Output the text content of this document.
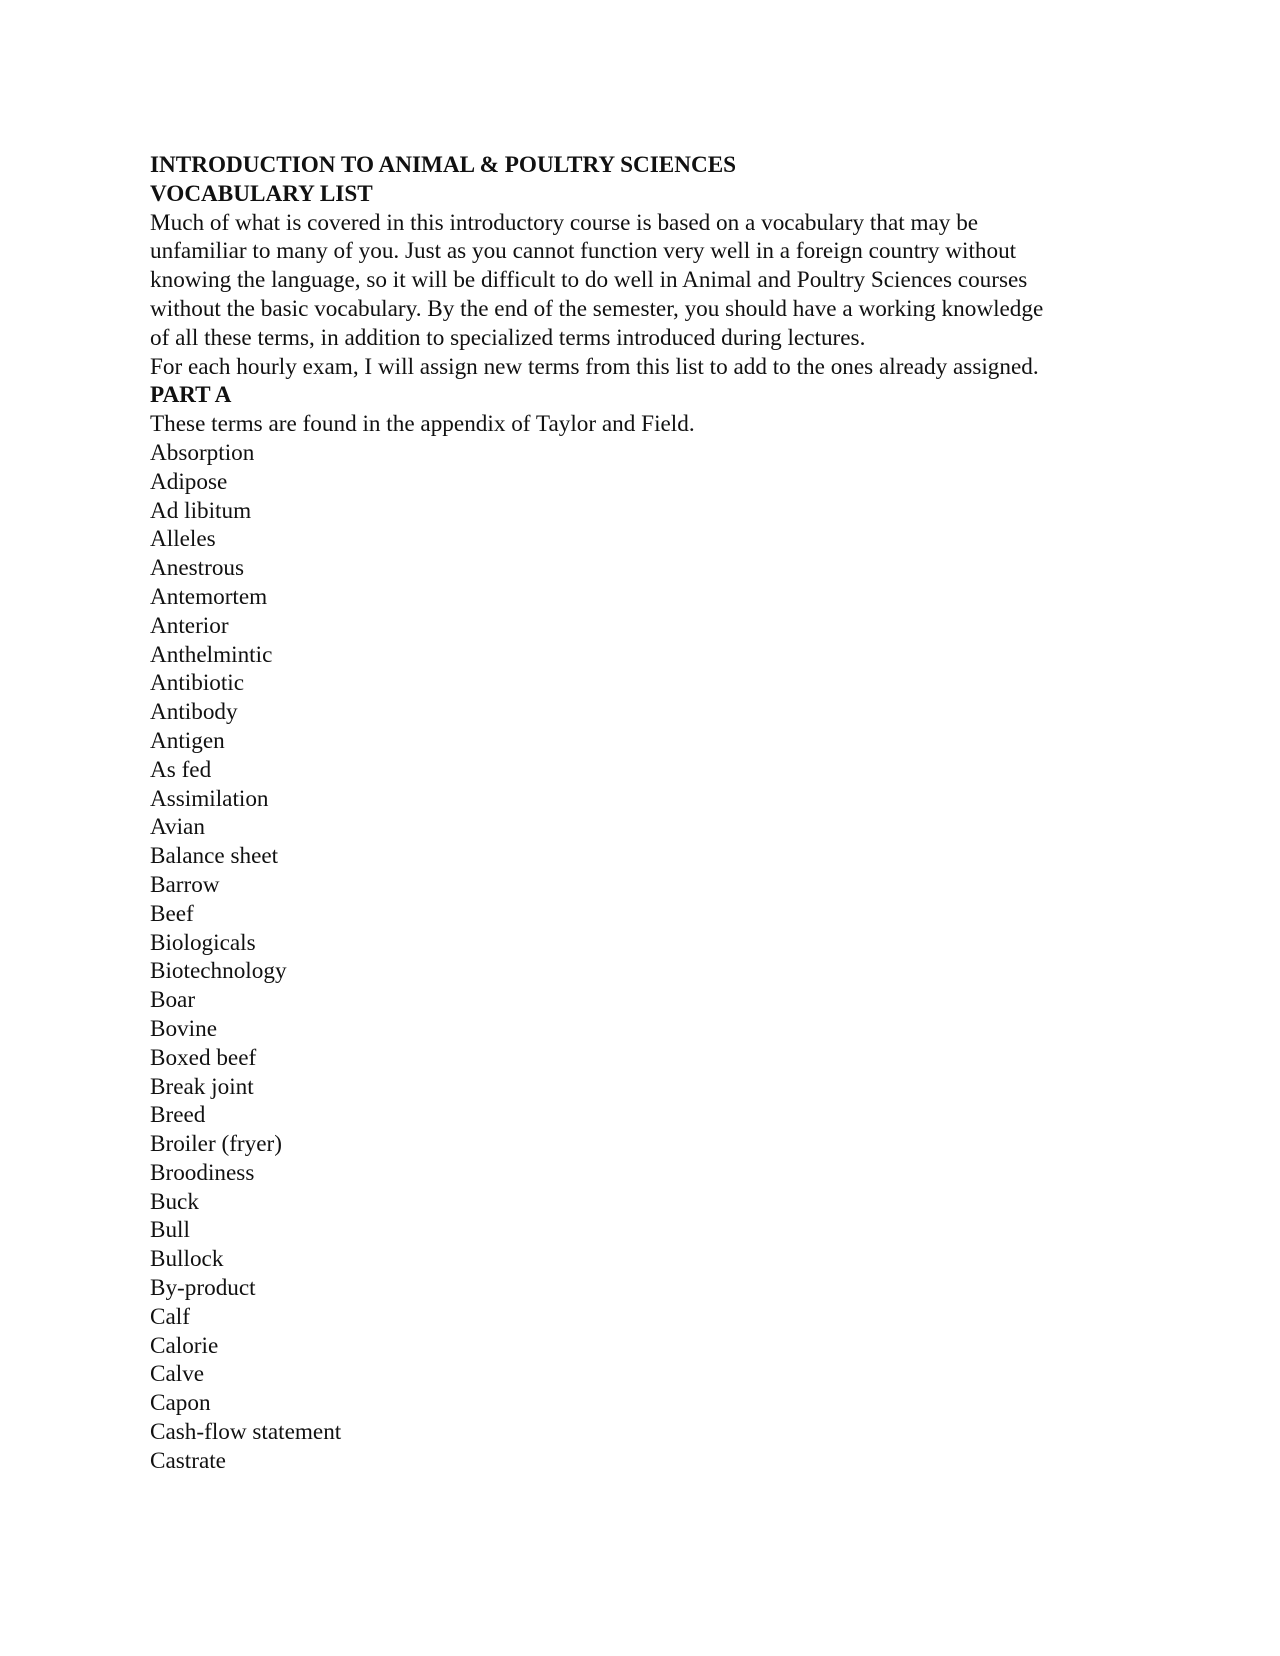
INTRODUCTION TO ANIMAL & POULTRY SCIENCES
VOCABULARY LIST
Much of what is covered in this introductory course is based on a vocabulary that may be
unfamiliar to many of you. Just as you cannot function very well in a foreign country without
knowing the language, so it will be difficult to do well in Animal and Poultry Sciences courses
without the basic vocabulary. By the end of the semester, you should have a working knowledge
of all these terms, in addition to specialized terms introduced during lectures.
For each hourly exam, I will assign new terms from this list to add to the ones already assigned.
PART A
These terms are found in the appendix of Taylor and Field.
Absorption
Adipose
Ad libitum
Alleles
Anestrous
Antemortem
Anterior
Anthelmintic
Antibiotic
Antibody
Antigen
As fed
Assimilation
Avian
Balance sheet
Barrow
Beef
Biologicals
Biotechnology
Boar
Bovine
Boxed beef
Break joint
Breed
Broiler (fryer)
Broodiness
Buck
Bull
Bullock
By-product
Calf
Calorie
Calve
Capon
Cash-flow statement
Castrate
